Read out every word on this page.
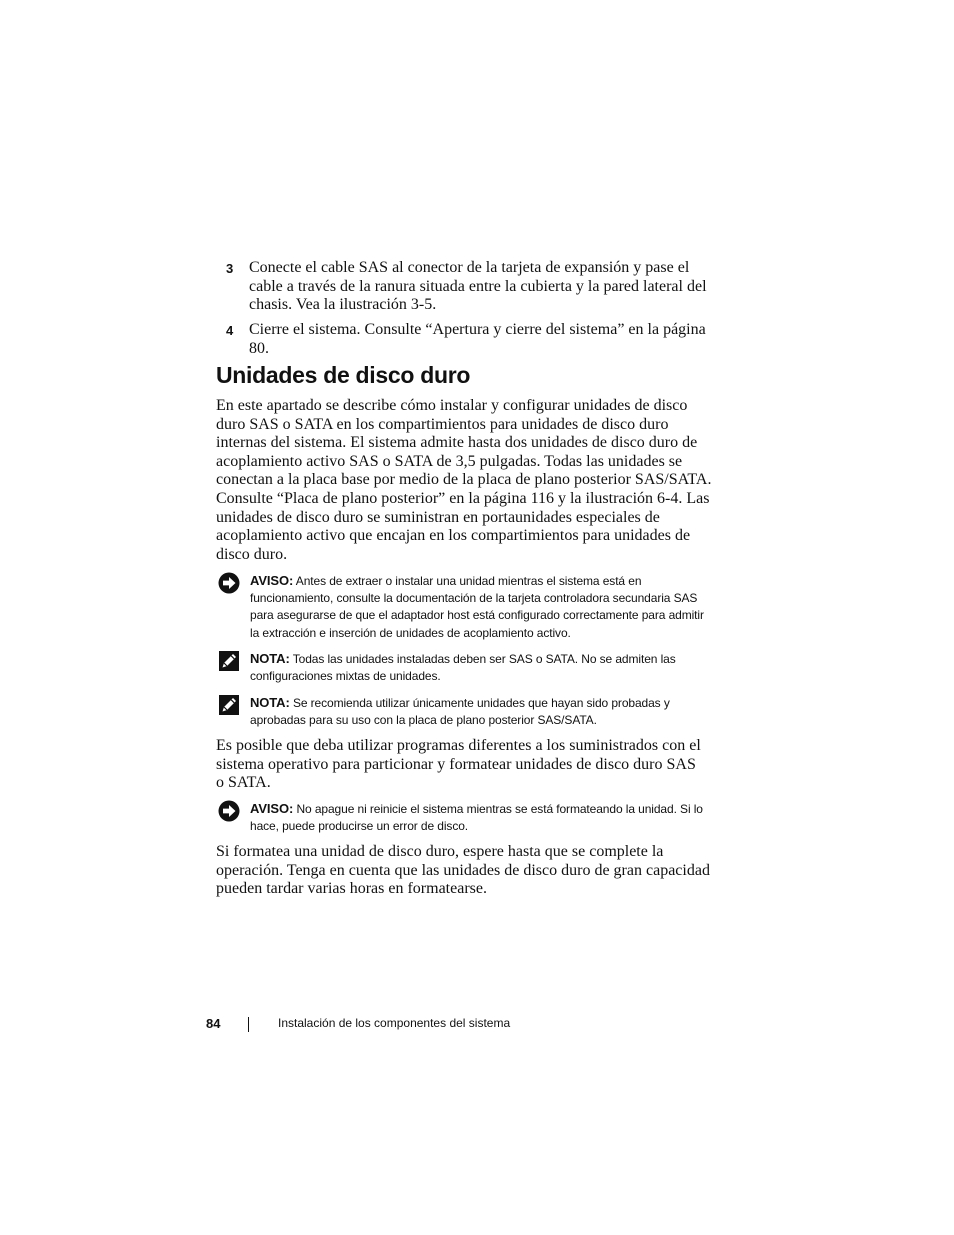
3 Conecte el cable SAS al conector de la tarjeta de expansión y pase el cable a través de la ranura situada entre la cubierta y la pared lateral del chasis. Vea la ilustración 3-5.
4 Cierre el sistema. Consulte “Apertura y cierre del sistema” en la página 80.
Unidades de disco duro

En este apartado se describe cómo instalar y configurar unidades de disco duro SAS o SATA en los compartimientos para unidades de disco duro internas del sistema. El sistema admite hasta dos unidades de disco duro de acoplamiento activo SAS o SATA de 3,5 pulgadas. Todas las unidades se conectan a la placa base por medio de la placa de plano posterior SAS/SATA. Consulte “Placa de plano posterior” en la página 116 y la ilustración 6-4. Las unidades de disco duro se suministran en portaunidades especiales de acoplamiento activo que encajan en los compartimientos para unidades de disco duro.

AVISO: Antes de extraer o instalar una unidad mientras el sistema está en funcionamiento, consulte la documentación de la tarjeta controladora secundaria SAS para asegurarse de que el adaptador host está configurado correctamente para admitir la extracción e inserción de unidades de acoplamiento activo.
NOTA: Todas las unidades instaladas deben ser SAS o SATA. No se admiten las configuraciones mixtas de unidades.
NOTA: Se recomienda utilizar únicamente unidades que hayan sido probadas y aprobadas para su uso con la placa de plano posterior SAS/SATA.

Es posible que deba utilizar programas diferentes a los suministrados con el sistema operativo para particionar y formatear unidades de disco duro SAS o SATA.

AVISO: No apague ni reinicie el sistema mientras se está formateando la unidad. Si lo hace, puede producirse un error de disco.

Si formatea una unidad de disco duro, espere hasta que se complete la operación. Tenga en cuenta que las unidades de disco duro de gran capacidad pueden tardar varias horas en formatearse.

84	Instalación de los componentes del sistema
